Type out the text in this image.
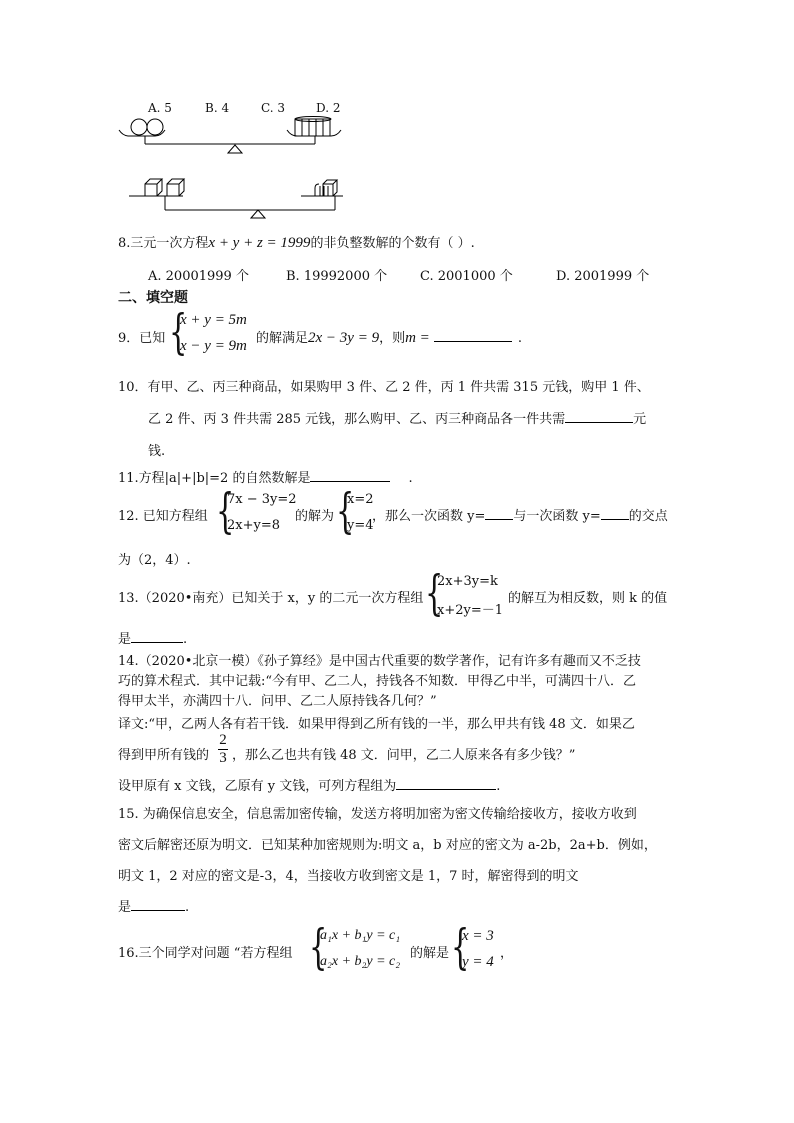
A. 5	B. 4	C. 3	D. 2
8.三元一次方程x + y + z = 1999的非负整数解的个数有（ ）.
A. 20001999 个	B. 19992000 个	C. 2001000 个	D. 2001999 个
二、填空题
9．已知 {
x + y = 5m
x − y = 9m 的解满足2x − 3y = 9，则m =	.
10．有甲、乙、丙三种商品，如果购甲 3 件、乙 2 件，丙 1 件共需 315 元钱，购甲 1 件、
乙 2 件、丙 3 件共需 285 元钱，那么购甲、乙、丙三种商品各一件共需	元
钱.
11.方程|a|+|b|=2 的自然数解是	.
12. 已知方程组 {
7x − 3y=2
2x+y=8
的解为 {
x=2
y=4
，那么一次函数 y= 与一次函数 y= 的交点
为（2，4）.
13.（2020•南充）已知关于 x，y 的二元一次方程组 {
2x+3y=k
x+2y=－1
的解互为相反数，则 k 的值
是	.
14.（2020•北京一模）《孙子算经》是中国古代重要的数学著作，记有许多有趣而又不乏技
巧的算术程式．其中记载:“今有甲、乙二人，持钱各不知数．甲得乙中半，可满四十八．乙
得甲太半，亦满四十八．问甲、乙二人原持钱各几何？”
译文:“甲，乙两人各有若干钱．如果甲得到乙所有钱的一半，那么甲共有钱 48 文．如果乙
得到甲所有钱的
2
3 ，那么乙也共有钱 48 文．问甲，乙二人原来各有多少钱？”
设甲原有 x 文钱，乙原有 y 文钱，可列方程组为	.
15. 为确保信息安全，信息需加密传输，发送方将明加密为密文传输给接收方，接收方收到
密文后解密还原为明文．已知某种加密规则为:明文 a，b 对应的密文为 a-2b，2a+b．例如，
明文 1，2 对应的密文是-3，4，当接收方收到密文是 1，7 时，解密得到的明文
是	.
16.三个同学对问题 “若方程组 {
a₁x + b₁y = c₁
a₂x + b₂y = c₂
的解是 {
x = 3
y = 4
，
